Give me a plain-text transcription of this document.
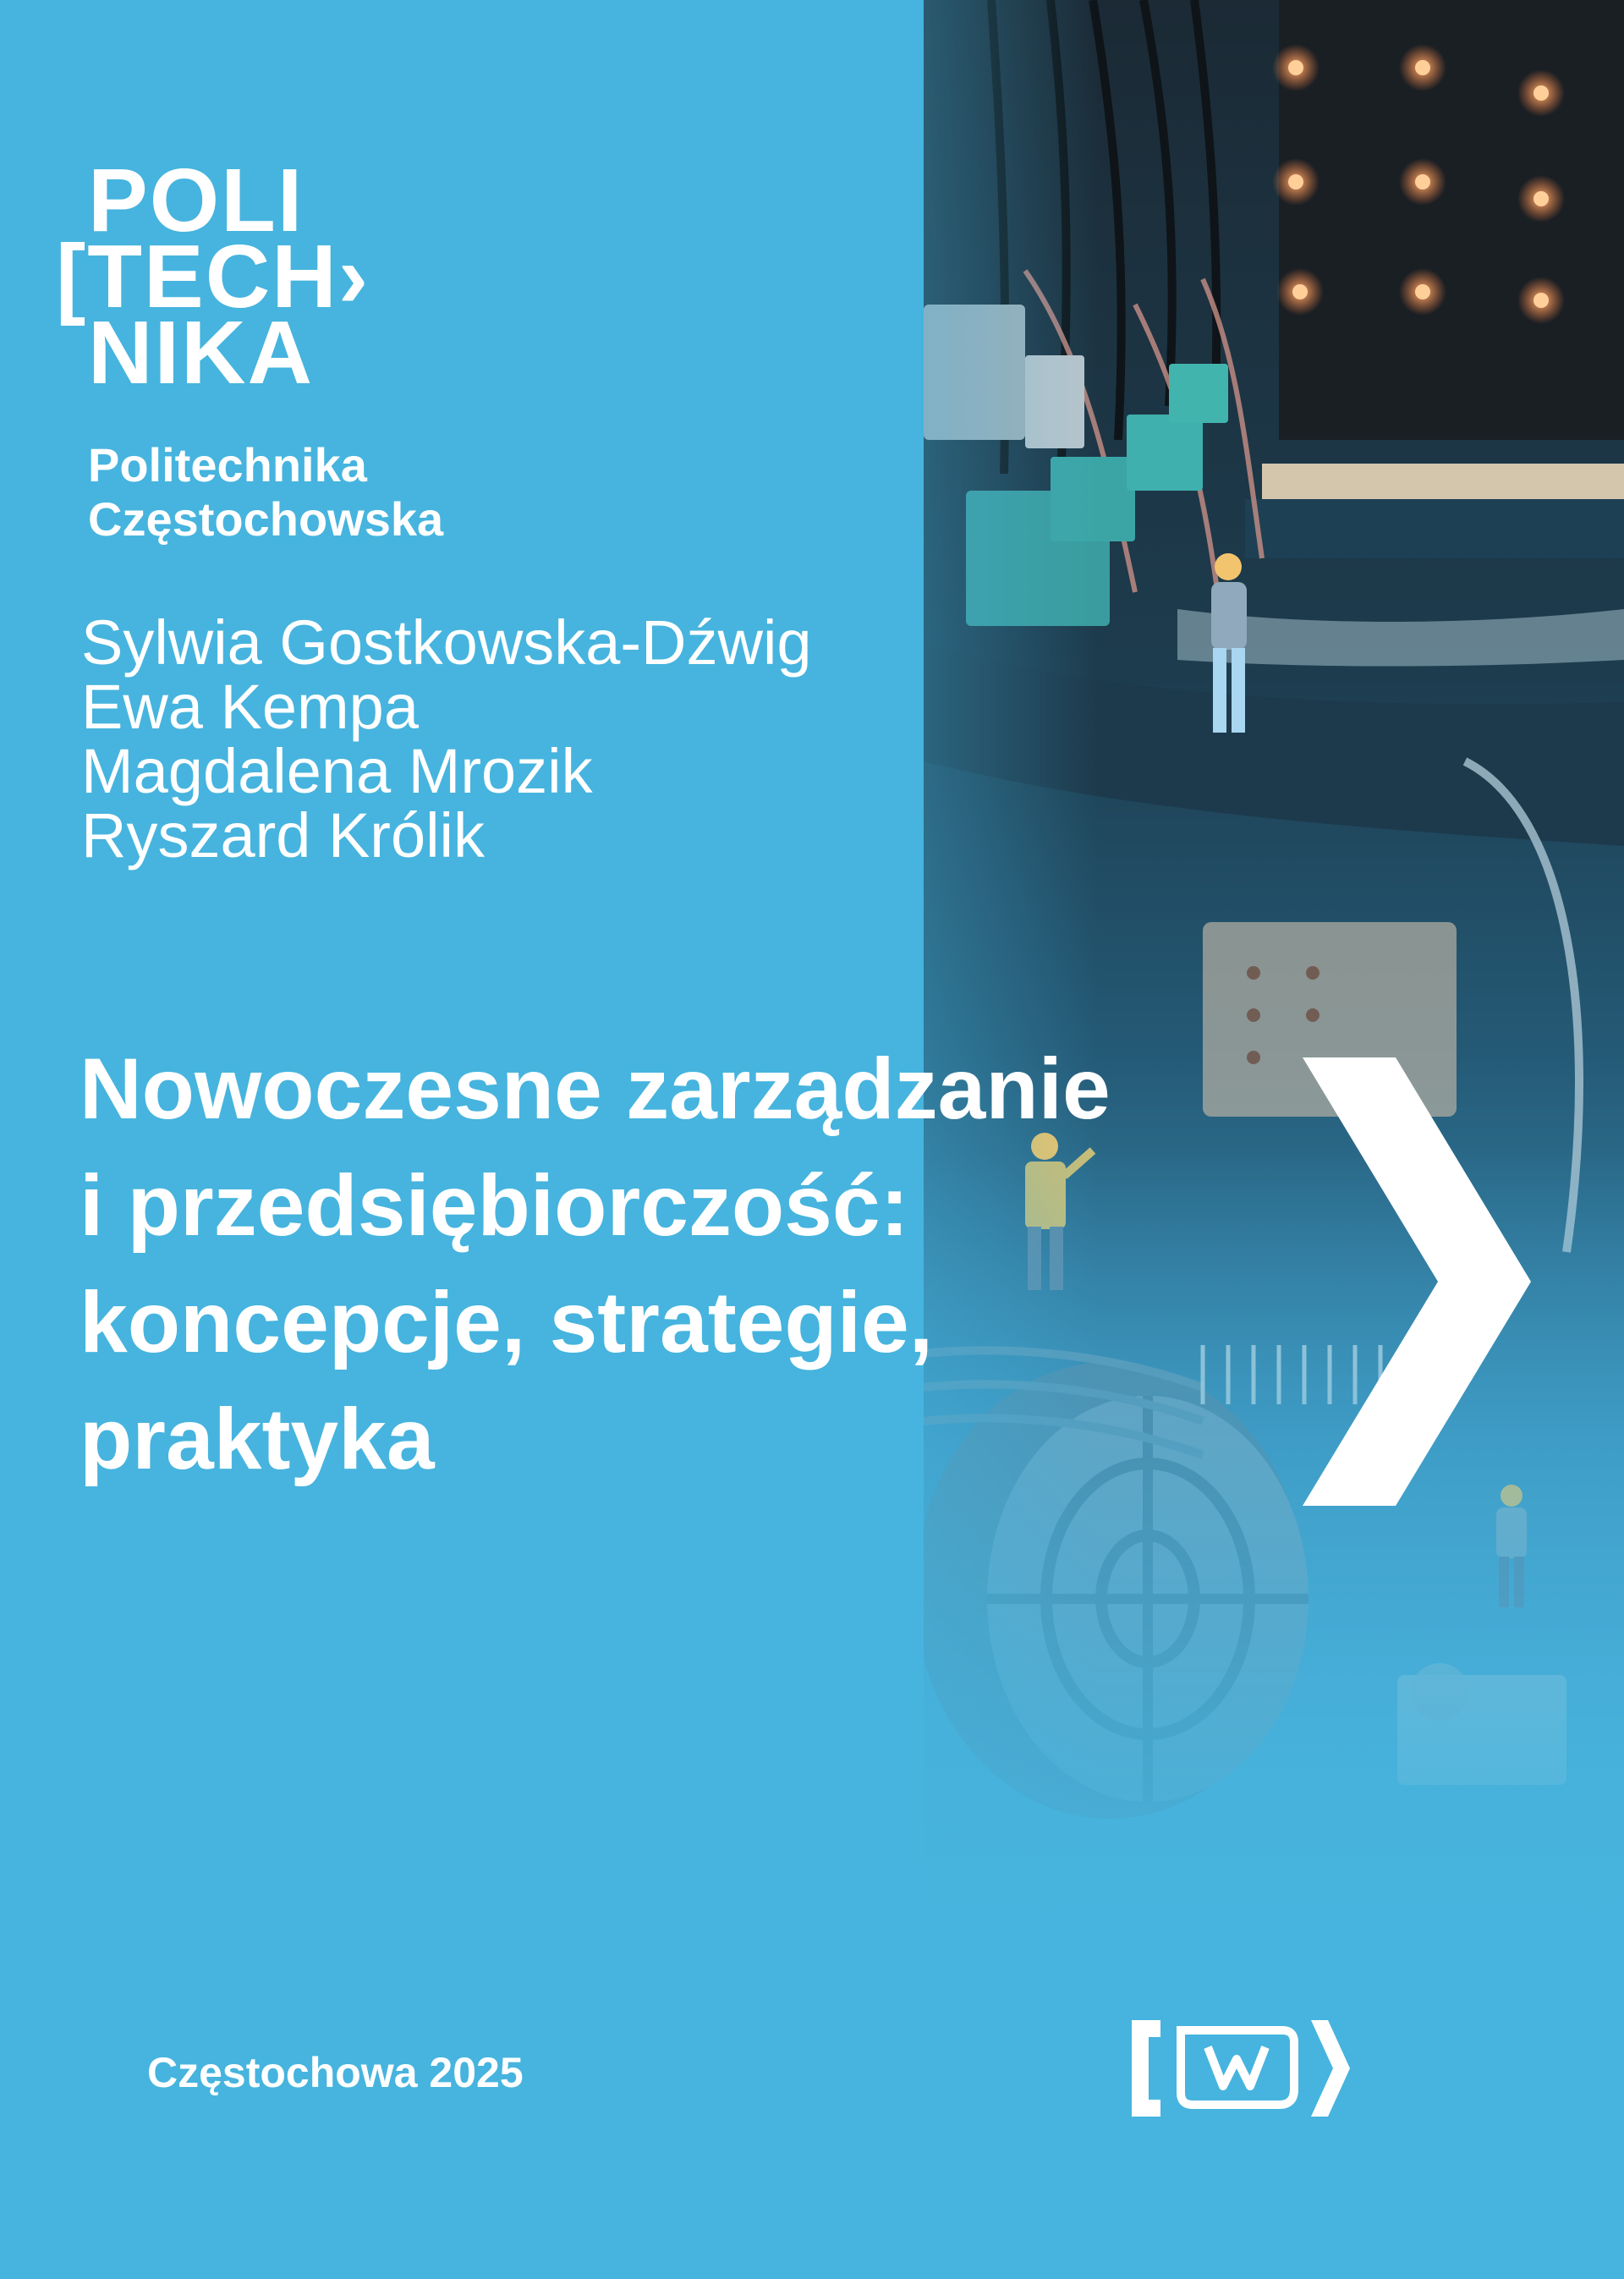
POLI
[TECH›
NIKA
Politechnika
Częstochowska
Sylwia Gostkowska-Dźwig
Ewa Kempa
Magdalena Mrozik
Ryszard Królik
Nowoczesne zarządzanie
i przedsiębiorczość:
koncepcje, strategie,
praktyka
Częstochowa 2025
